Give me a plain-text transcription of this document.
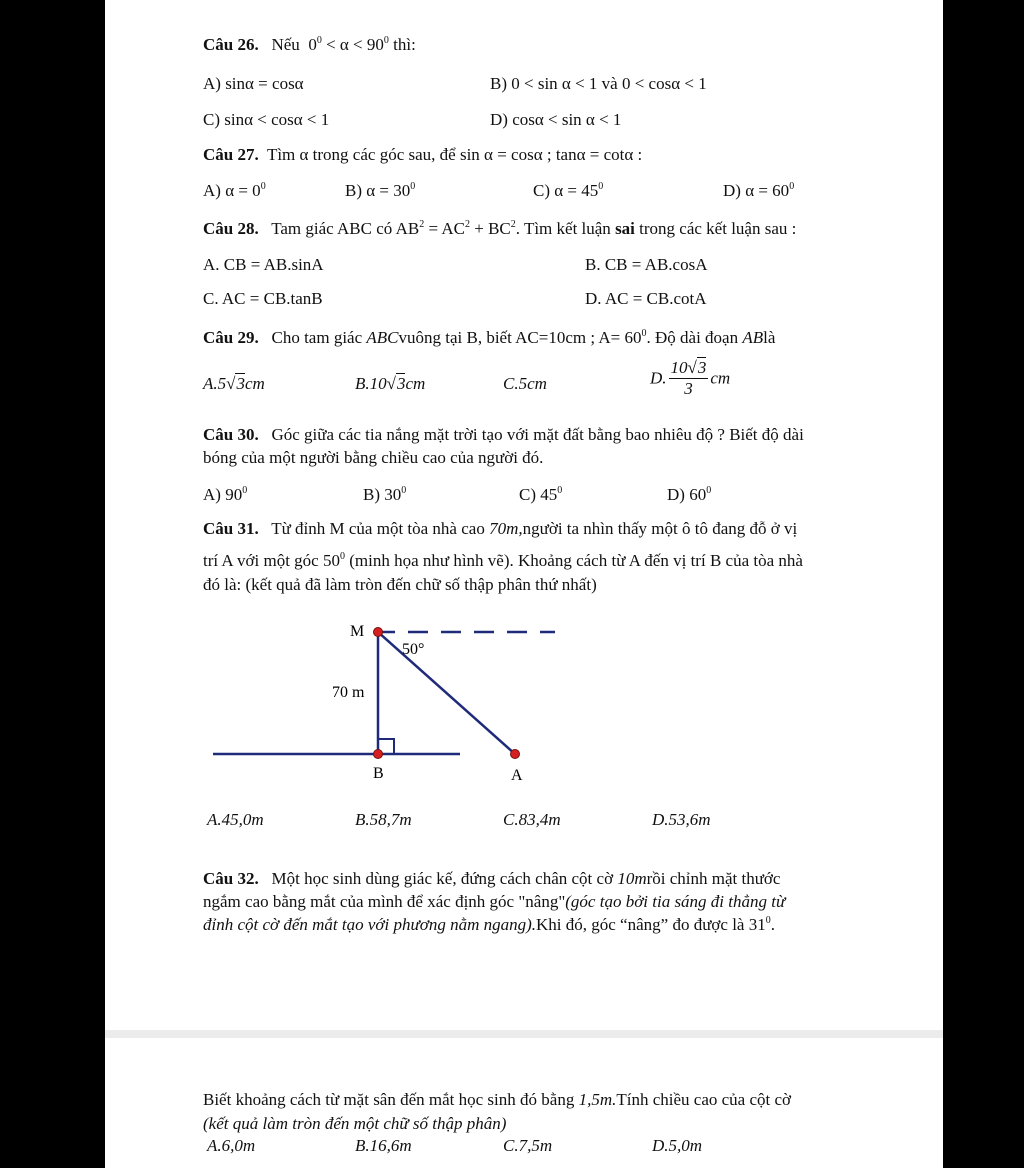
Câu 26. Nếu $0^0 < \alpha < 90^0$ thì:
A) sinα = cosα	B) 0 < sin α < 1 và 0 < cosα < 1
C) sinα < cosα < 1	D) cosα < sin α < 1
Câu 27. Tìm α trong các góc sau, để sin α = cosα ; tanα = cotα :
A) $\alpha = 0^0$	B) $\alpha = 30^0$	C) $\alpha = 45^0$	D) $\alpha = 60^0$
Câu 28. Tam giác ABC có $AB^2 = AC^2 + BC^2$. Tìm kết luận sai trong các kết luận sau :
A. CB = AB.sinA	B. CB = AB.cosA
C. AC = CB.tanB	D. AC = CB.cotA
Câu 29. Cho tam giác ABCvuông tại B, biết AC=10cm ; $A= 60^0$. Độ dài đoạn ABlà
A.5√3cm	B.10√3cm	C.5cm	D. $\frac{10√3}{3}$ cm
Câu 30. Góc giữa các tia nắng mặt trời tạo với mặt đất bằng bao nhiêu độ ? Biết độ dài
bóng của một người bằng chiều cao của người đó.
A) $90^0$	B) $30^0$	C) $45^0$	D) $60^0$
Câu 31. Từ đỉnh M của một tòa nhà cao 70m,người ta nhìn thấy một ô tô đang đỗ ở vị
trí A với một góc $50^0$ (minh họa như hình vẽ). Khoảng cách từ A đến vị trí B của tòa nhà
đó là: (kết quả đã làm tròn đến chữ số thập phân thứ nhất)
M
50°
70 m
B	A
A.45,0m	B.58,7m	C.83,4m	D.53,6m
Câu 32. Một học sinh dùng giác kế, đứng cách chân cột cờ 10mrồi chỉnh mặt thước
ngắm cao bằng mắt của mình để xác định góc "nâng"(góc tạo bởi tia sáng đi thẳng từ
đỉnh cột cờ đến mắt tạo với phương nằm ngang).Khi đó, góc “nâng” đo được là $31^0$.
Biết khoảng cách từ mặt sân đến mắt học sinh đó bằng 1,5m.Tính chiều cao của cột cờ
(kết quả làm tròn đến một chữ số thập phân)
A.6,0m	B.16,6m	C.7,5m	D.5,0m
